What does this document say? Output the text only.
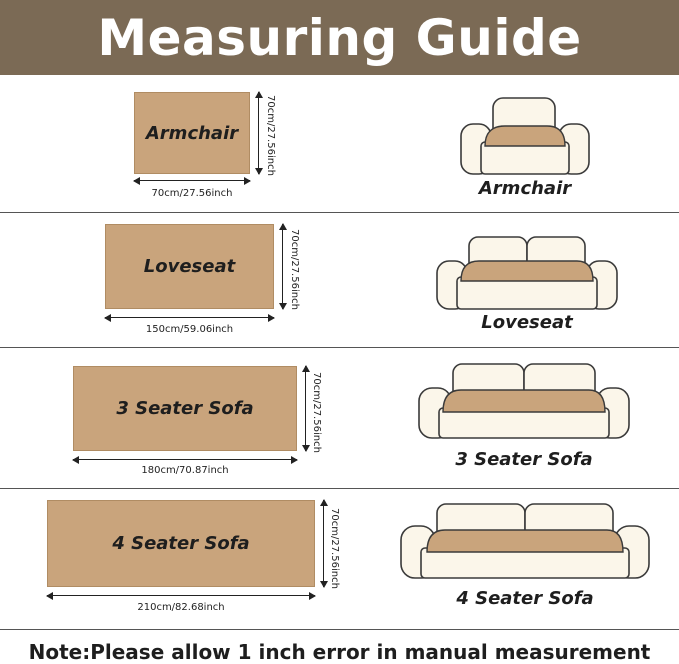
Measuring Guide
Armchair
70cm/27.56inch
70cm/27.56inch
Armchair
Loveseat
150cm/59.06inch
70cm/27.56inch
Loveseat
3 Seater Sofa
180cm/70.87inch
70cm/27.56inch
3 Seater Sofa
4 Seater Sofa
210cm/82.68inch
70cm/27.56inch
4 Seater Sofa
Note:Please allow 1 inch error in manual measurement
